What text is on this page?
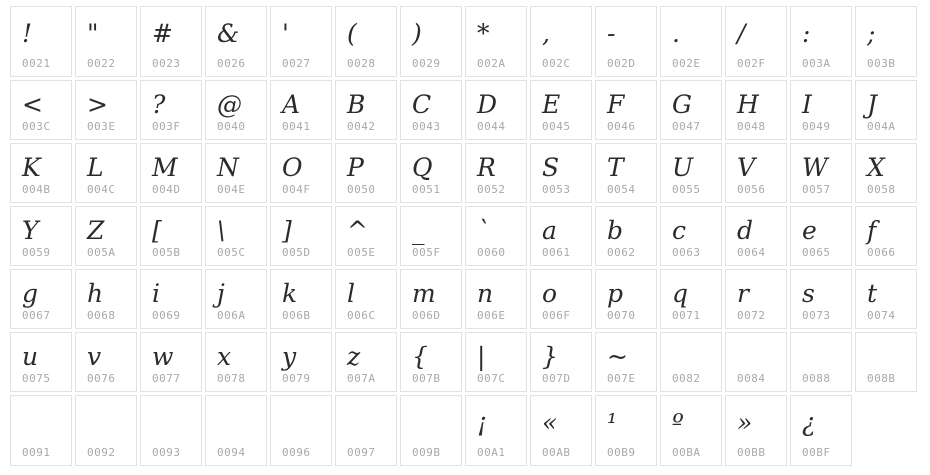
!
0021
"
0022
#
0023
&
0026
'
0027
(
0028
)
0029
*
002A
,
002C
-
002D
.
002E
/
002F
:
003A
;
003B
<
003C
>
003E
?
003F
@
0040
A
0041
B
0042
C
0043
D
0044
E
0045
F
0046
G
0047
H
0048
I
0049
J
004A
K
004B
L
004C
M
004D
N
004E
O
004F
P
0050
Q
0051
R
0052
S
0053
T
0054
U
0055
V
0056
W
0057
X
0058
Y
0059
Z
005A
[
005B
\
005C
]
005D
^
005E
_
005F
`
0060
a
0061
b
0062
c
0063
d
0064
e
0065
f
0066
g
0067
h
0068
i
0069
j
006A
k
006B
l
006C
m
006D
n
006E
o
006F
p
0070
q
0071
r
0072
s
0073
t
0074
u
0075
v
0076
w
0077
x
0078
y
0079
z
007A
{
007B
|
007C
}
007D
~
007E	0082	0084	0088	008B
0091	0092	0093	0094	0096	0097	009B
¡
00A1
«
00AB
¹
00B9
º
00BA
»
00BB
¿
00BF
